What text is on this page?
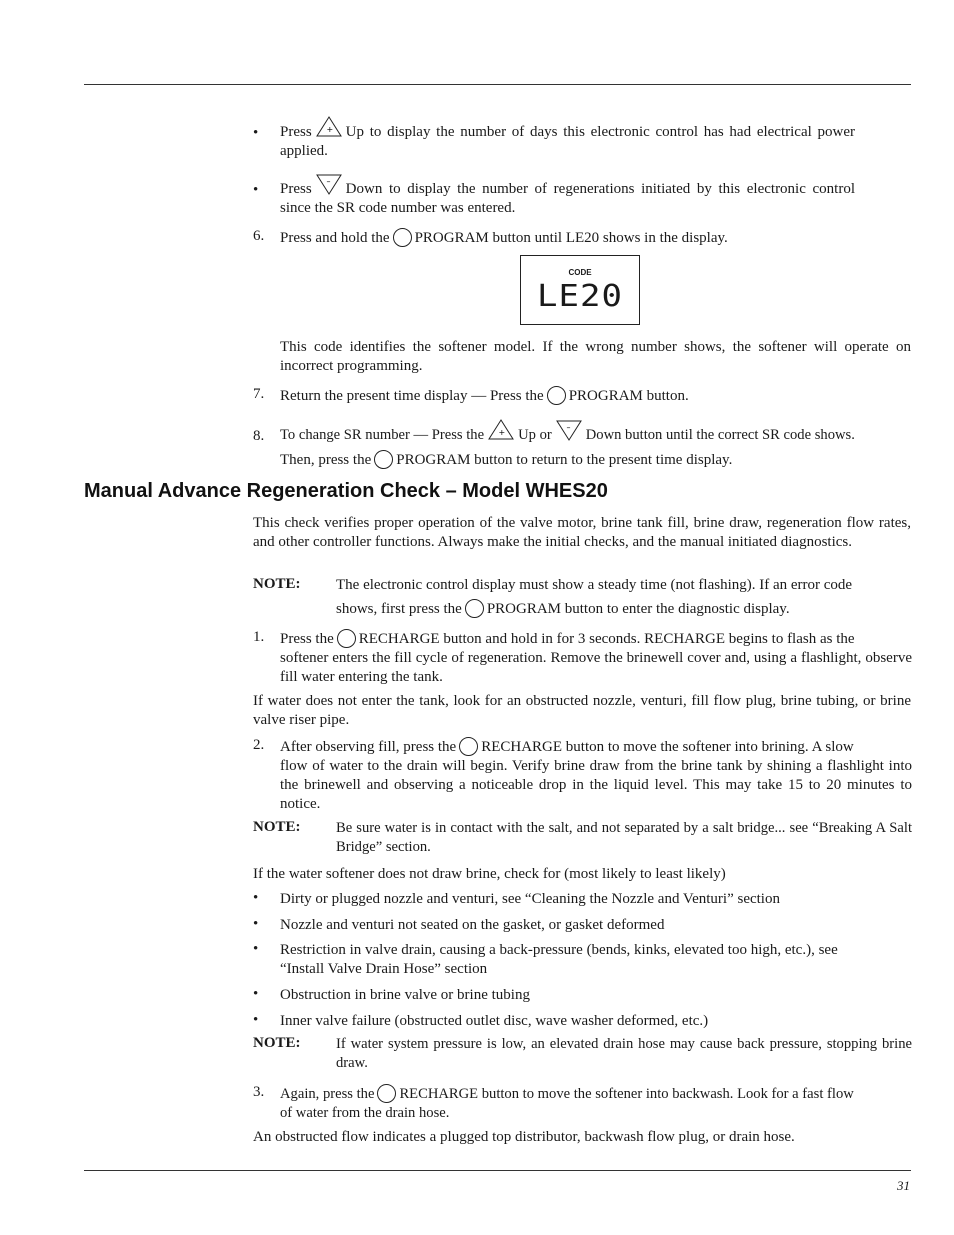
• Press + Up to display the number of days this electronic control has had electrical power applied.
• Press – Down to display the number of regenerations initiated by this electronic control since the SR code number was entered.
6. Press and hold the PROGRAM button until LE20 shows in the display.
CODE
LE20
This code identifies the softener model. If the wrong number shows, the softener will operate on incorrect programming.
7. Return the present time display — Press the PROGRAM button.
8. To change SR number — Press the + Up or – Down button until the correct SR code shows.
Then, press the PROGRAM button to return to the present time display.
Manual Advance Regeneration Check – Model WHES20
This check verifies proper operation of the valve motor, brine tank fill, brine draw, regeneration flow rates, and other controller functions. Always make the initial checks, and the manual initiated diagnostics.
NOTE: The electronic control display must show a steady time (not flashing). If an error code
shows, first press the PROGRAM button to enter the diagnostic display.
1. Press the RECHARGE button and hold in for 3 seconds. RECHARGE begins to flash as the
softener enters the fill cycle of regeneration. Remove the brinewell cover and, using a flashlight, observe fill water entering the tank.
If water does not enter the tank, look for an obstructed nozzle, venturi, fill flow plug, brine tubing, or brine valve riser pipe.
2. After observing fill, press the RECHARGE button to move the softener into brining. A slow
flow of water to the drain will begin. Verify brine draw from the brine tank by shining a flashlight into the brinewell and observing a noticeable drop in the liquid level. This may take 15 to 20 minutes to notice.
NOTE: Be sure water is in contact with the salt, and not separated by a salt bridge... see “Breaking A Salt Bridge” section.
If the water softener does not draw brine, check for (most likely to least likely)
• Dirty or plugged nozzle and venturi, see “Cleaning the Nozzle and Venturi” section
• Nozzle and venturi not seated on the gasket, or gasket deformed
• Restriction in valve drain, causing a back-pressure (bends, kinks, elevated too high, etc.), see “Install Valve Drain Hose” section
• Obstruction in brine valve or brine tubing
• Inner valve failure (obstructed outlet disc, wave washer deformed, etc.)
NOTE: If water system pressure is low, an elevated drain hose may cause back pressure, stopping brine draw.
3. Again, press the RECHARGE button to move the softener into backwash. Look for a fast flow
of water from the drain hose.
An obstructed flow indicates a plugged top distributor, backwash flow plug, or drain hose.
31
